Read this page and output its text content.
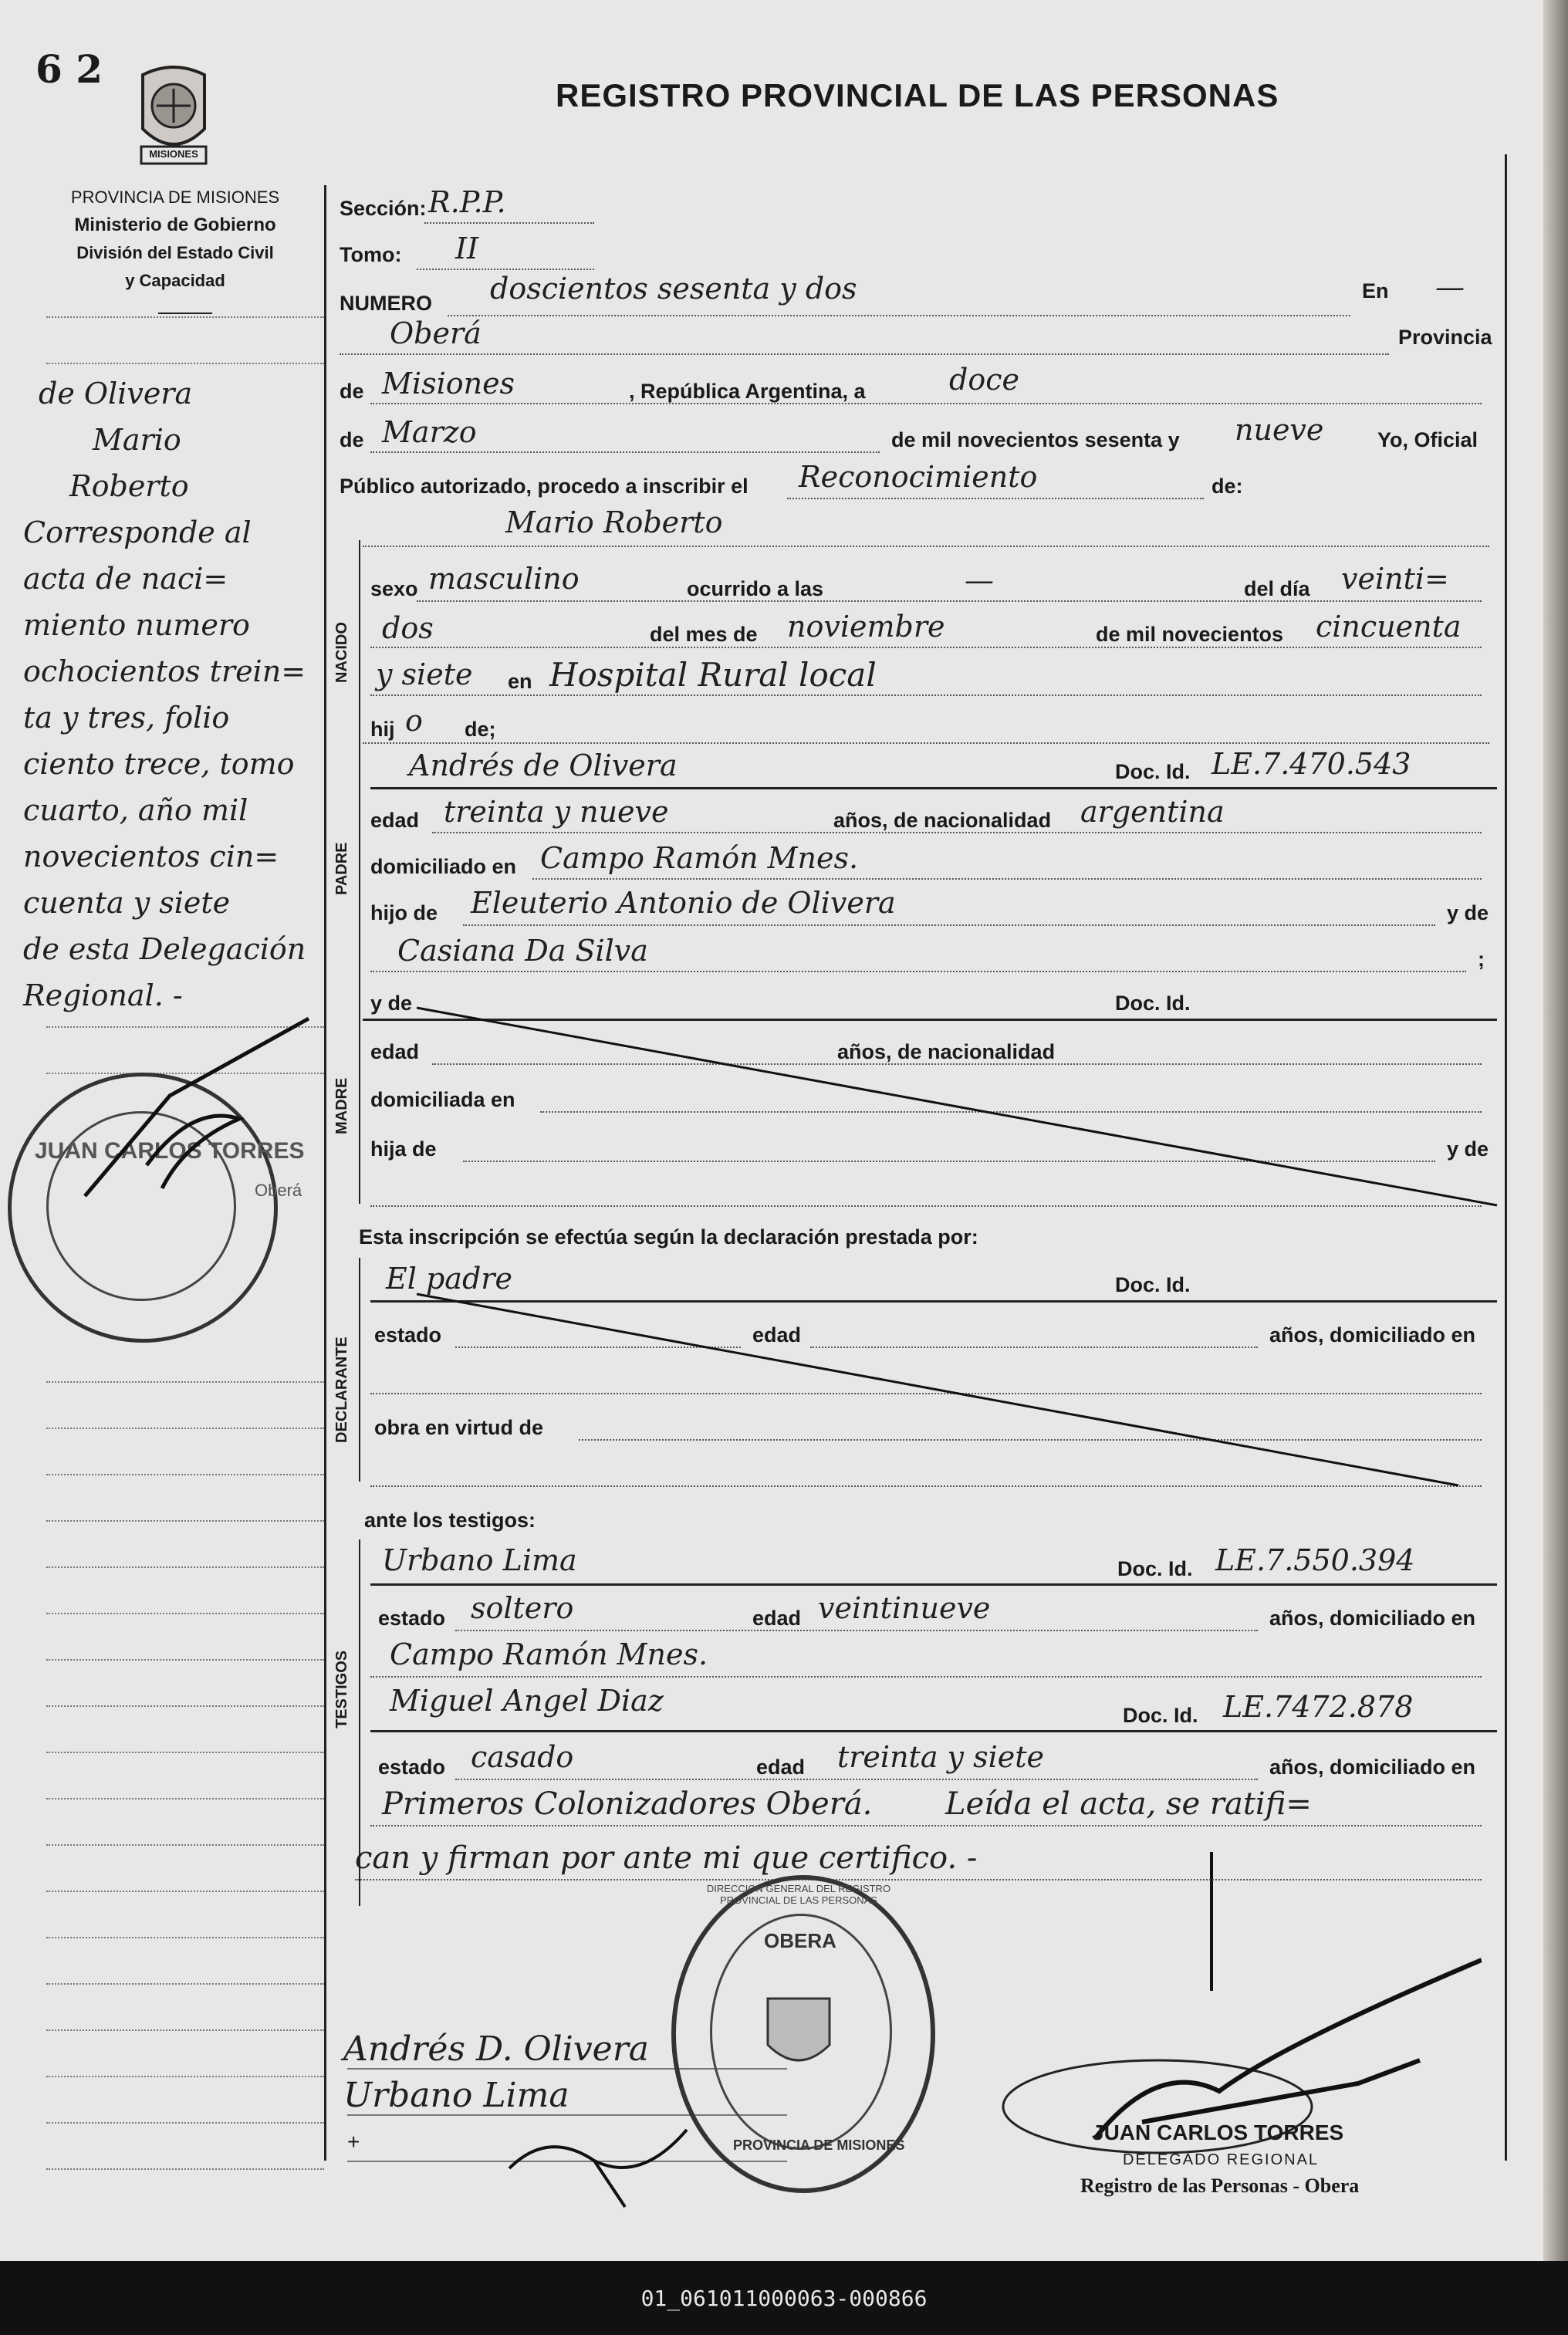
6 2
MISIONES
REGISTRO PROVINCIAL DE LAS PERSONAS
PROVINCIA DE MISIONES
Ministerio de Gobierno
División del Estado Civil
y Capacidad
Sección: R.P.P.
Tomo: II
NUMERO doscientos sesenta y dos	En —
Oberá	Provincia
de Misiones	, República Argentina, a	doce
de Marzo	de mil novecientos sesenta y nueve	Yo, Oficial
Público autorizado, procedo a inscribir el Reconocimiento	de:
Mario Roberto
NACIDO
sexo masculino	ocurrido a las	—	del día veinti=
dos	del mes de noviembre	de mil novecientos cincuenta
y siete en Hospital Rural local
hij o de;
PADRE
Andrés de Olivera	Doc. Id. LE.7.470.543
edad treinta y nueve	años, de nacionalidad argentina
domiciliado en Campo Ramón Mnes.
hijo de Eleuterio Antonio de Olivera	y de
Casiana Da Silva	;
MADRE
y de	Doc. Id.
edad	años, de nacionalidad
domiciliada en
hija de	y de
Esta inscripción se efectúa según la declaración prestada por:
DECLARANTE
El padre	Doc. Id.
estado	edad	años, domiciliado en
obra en virtud de
ante los testigos:
TESTIGOS
Urbano Lima	Doc. Id. LE.7.550.394
estado soltero	edad veintinueve	años, domiciliado en
Campo Ramón Mnes.
Miguel Angel Diaz	Doc. Id. LE.7472.878
estado casado	edad treinta y siete	años, domiciliado en
Primeros Colonizadores Oberá. Leída el acta, se ratifi=
can y firman por ante mi que certifico. -
de Olivera
Mario
Roberto
Corresponde al
acta de naci=
miento numero
ochocientos trein=
ta y tres, folio
ciento trece, tomo
cuarto, año mil
novecientos cin=
cuenta y siete
de esta Delegación
Regional. -
JUAN CARLOS TORRES
Oberá
Andrés D. Olivera
Urbano Lima
+
OBERA
PROVINCIA DE MISIONES
DIRECCION GENERAL DEL REGISTRO PROVINCIAL DE LAS PERSONAS
JUAN CARLOS TORRES
DELEGADO REGIONAL
Registro de las Personas - Obera
01_061011000063-000866
